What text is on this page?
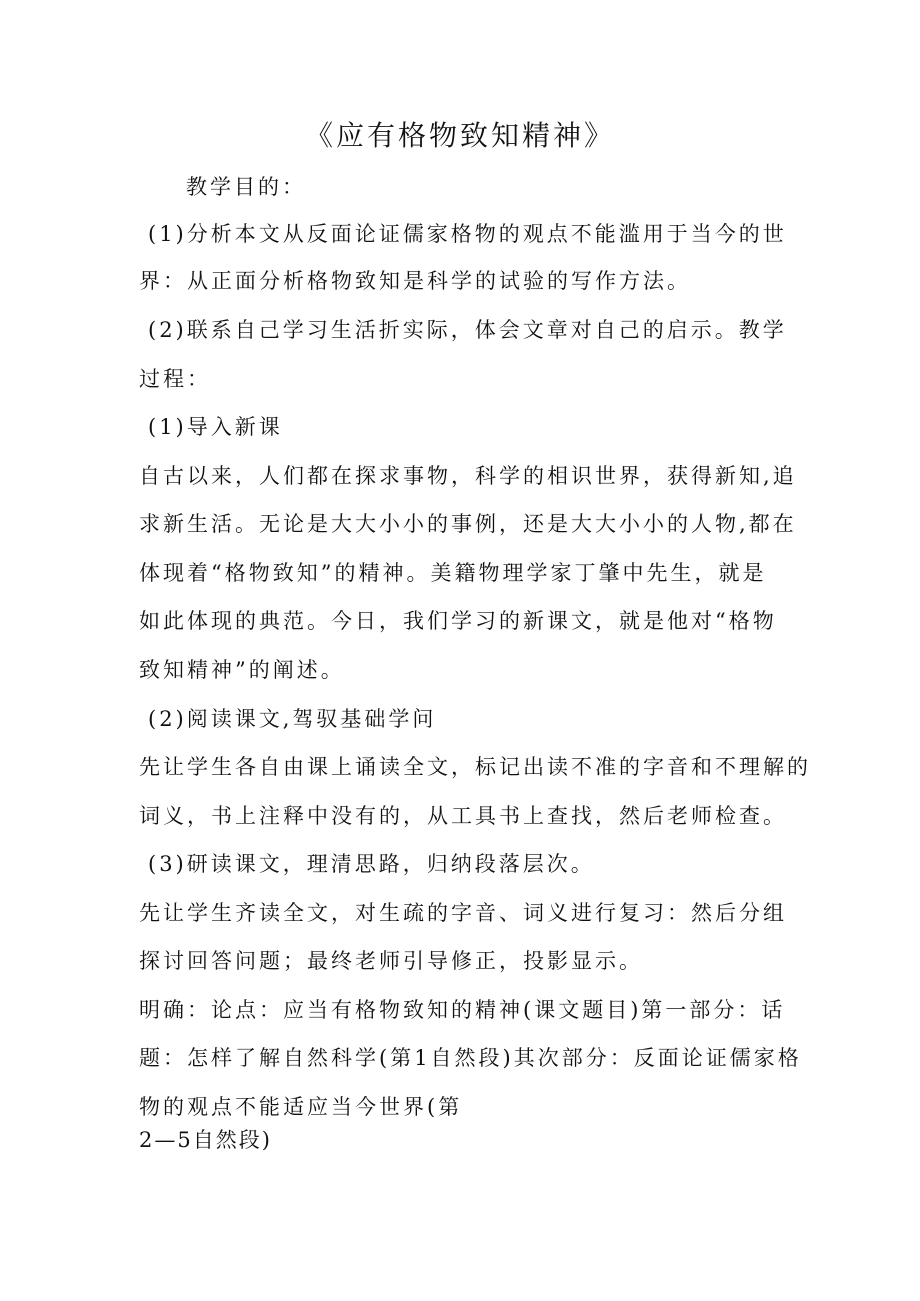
《应有格物致知精神》
教学目的：
(1)分析本文从反面论证儒家格物的观点不能滥用于当今的世
界：从正面分析格物致知是科学的试验的写作方法。
(2)联系自己学习生活折实际，体会文章对自己的启示。教学
过程：
(1)导入新课
自古以来，人们都在探求事物，科学的相识世界，获得新知,追
求新生活。无论是大大小小的事例，还是大大小小的人物,都在
体现着“格物致知”的精神。美籍物理学家丁肇中先生，就是
如此体现的典范。今日，我们学习的新课文，就是他对“格物
致知精神”的阐述。
(2)阅读课文,驾驭基础学问
先让学生各自由课上诵读全文，标记出读不准的字音和不理解的
词义，书上注释中没有的，从工具书上查找，然后老师检查。
(3)研读课文，理清思路，归纳段落层次。
先让学生齐读全文，对生疏的字音、词义进行复习：然后分组
探讨回答问题；最终老师引导修正，投影显示。
明确：论点：应当有格物致知的精神(课文题目)第一部分：话
题：怎样了解自然科学(第1自然段)其次部分：反面论证儒家格
物的观点不能适应当今世界(第
2—5自然段)
